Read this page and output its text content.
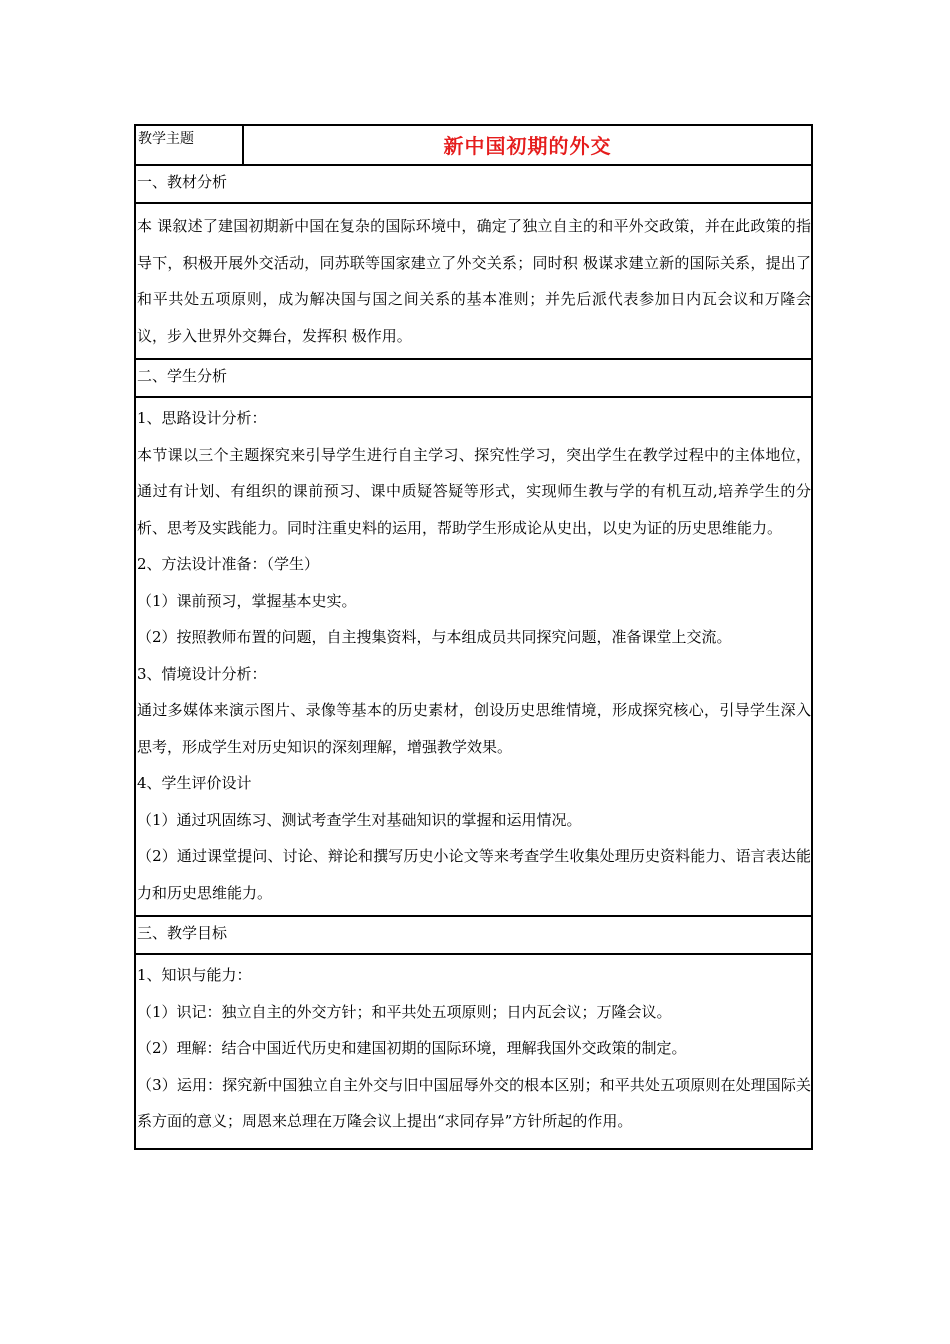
教学主题	新中国初期的外交
一、教材分析

本 课叙述了建国初期新中国在复杂的国际环境中，确定了独立自主的和平外交政策，并在此政策的指导下，积极开展外交活动，同苏联等国家建立了外交关系；同时积 极谋求建立新的国际关系，提出了和平共处五项原则，成为解决国与国之间关系的基本准则；并先后派代表参加日内瓦会议和万隆会议，步入世界外交舞台，发挥积 极作用。

二、学生分析

1、思路设计分析：

本节课以三个主题探究来引导学生进行自主学习、探究性学习，突出学生在教学过程中的主体地位，通过有计划、有组织的课前预习、课中质疑答疑等形式，实现师生教与学的有机互动,培养学生的分析、思考及实践能力。同时注重史料的运用，帮助学生形成论从史出，以史为证的历史思维能力。

2、方法设计准备：（学生）

（1）课前预习，掌握基本史实。

（2）按照教师布置的问题，自主搜集资料，与本组成员共同探究问题，准备课堂上交流。

3、情境设计分析：

通过多媒体来演示图片、录像等基本的历史素材，创设历史思维情境，形成探究核心，引导学生深入思考，形成学生对历史知识的深刻理解，增强教学效果。

4、学生评价设计

（1）通过巩固练习、测试考查学生对基础知识的掌握和运用情况。

（2）通过课堂提问、讨论、辩论和撰写历史小论文等来考查学生收集处理历史资料能力、语言表达能力和历史思维能力。

三、教学目标

1、知识与能力：

（1）识记：独立自主的外交方针；和平共处五项原则；日内瓦会议；万隆会议。

（2）理解：结合中国近代历史和建国初期的国际环境，理解我国外交政策的制定。

（3）运用：探究新中国独立自主外交与旧中国屈辱外交的根本区别；和平共处五项原则在处理国际关系方面的意义；周恩来总理在万隆会议上提出“求同存异”方针所起的作用。
